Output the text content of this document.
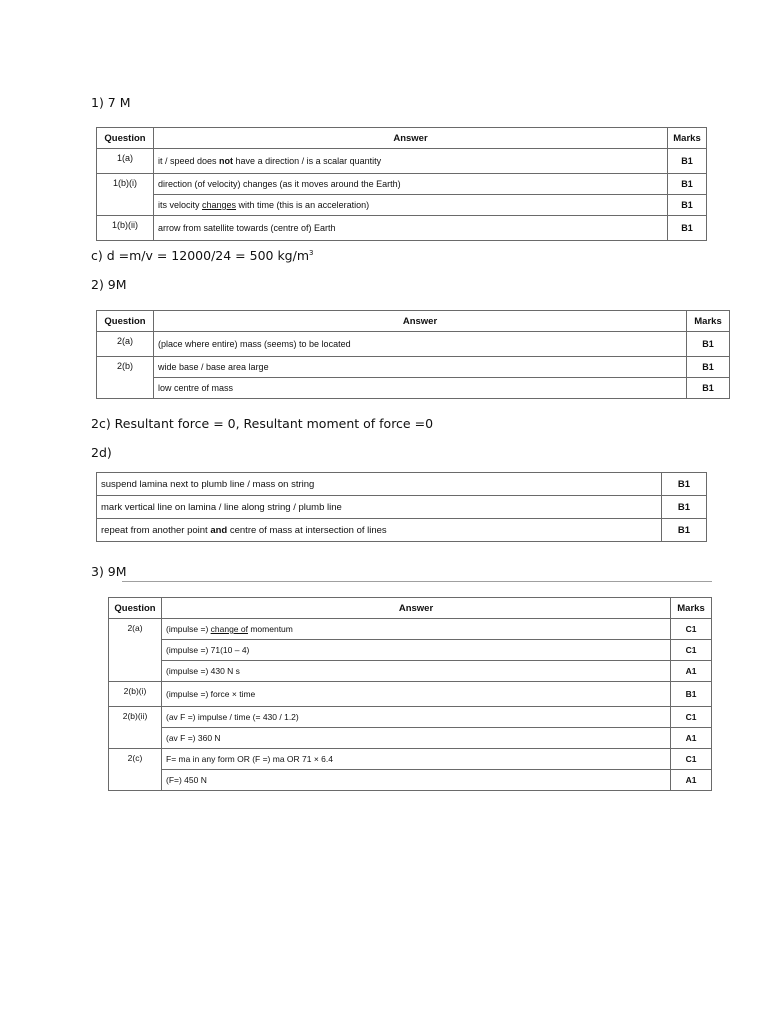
1) 7 M
Question	Answer	Marks
1(a)	it / speed does not have a direction / is a scalar quantity	B1
1(b)(i)	direction (of velocity) changes (as it moves around the Earth)	B1
	its velocity changes with time (this is an acceleration)	B1
1(b)(ii)	arrow from satellite towards (centre of) Earth	B1
c) d =m/v = 12000/24 = 500 $kg/m^3$
2) 9M
Question	Answer	Marks
2(a)	(place where entire) mass (seems) to be located	B1
2(b)	wide base / base area large	B1
	low centre of mass	B1
2c) Resultant force = 0, Resultant moment of force =0
2d)
suspend lamina next to plumb line / mass on string	B1
mark vertical line on lamina / line along string / plumb line	B1
repeat from another point and centre of mass at intersection of lines	B1
3) 9M
Question	Answer	Marks
2(a)	(impulse =) change of momentum	C1
	(impulse =) 71(10 – 4)	C1
	(impulse =) 430 N s	A1
2(b)(i)	(impulse =) force × time	B1
2(b)(ii)	(av F =) impulse / time (= 430 / 1.2)	C1
	(av F =) 360 N	A1
2(c)	F= ma in any form OR (F =) ma OR 71 × 6.4	C1
	(F=) 450 N	A1
